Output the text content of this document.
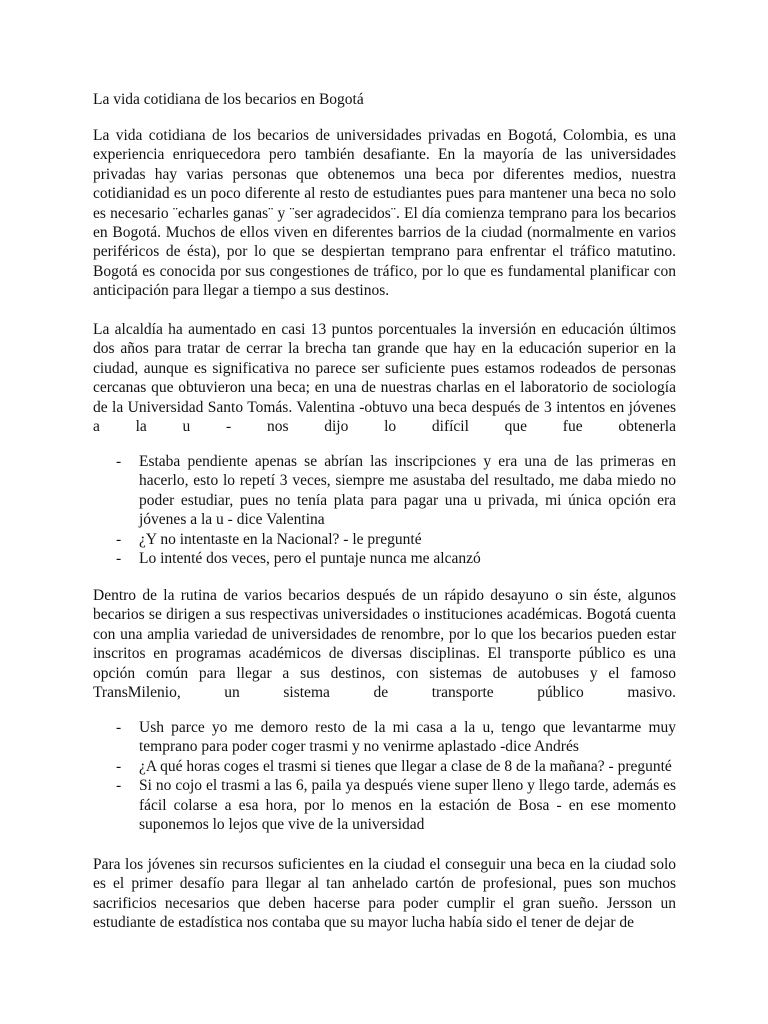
La vida cotidiana de los becarios en Bogotá

La vida cotidiana de los becarios de universidades privadas en Bogotá, Colombia, es una experiencia enriquecedora pero también desafiante. En la mayoría de las universidades privadas hay varias personas que obtenemos una beca por diferentes medios, nuestra cotidianidad es un poco diferente al resto de estudiantes pues para mantener una beca no solo es necesario ¨echarles ganas¨ y ¨ser agradecidos¨. El día comienza temprano para los becarios en Bogotá. Muchos de ellos viven en diferentes barrios de la ciudad (normalmente en varios periféricos de ésta), por lo que se despiertan temprano para enfrentar el tráfico matutino. Bogotá es conocida por sus congestiones de tráfico, por lo que es fundamental planificar con anticipación para llegar a tiempo a sus destinos.

La alcaldía ha aumentado en casi 13 puntos porcentuales la inversión en educación últimos dos años para tratar de cerrar la brecha tan grande que hay en la educación superior en la ciudad, aunque es significativa no parece ser suficiente pues estamos rodeados de personas cercanas que obtuvieron una beca; en una de nuestras charlas en el laboratorio de sociología de la Universidad Santo Tomás. Valentina -obtuvo una beca después de 3 intentos en jóvenes a la u - nos dijo lo difícil que fue obtenerla

- Estaba pendiente apenas se abrían las inscripciones y era una de las primeras en hacerlo, esto lo repetí 3 veces, siempre me asustaba del resultado, me daba miedo no poder estudiar, pues no tenía plata para pagar una u privada, mi única opción era jóvenes a la u - dice Valentina
- ¿Y no intentaste en la Nacional? - le pregunté
- Lo intenté dos veces, pero el puntaje nunca me alcanzó

Dentro de la rutina de varios becarios después de un rápido desayuno o sin éste, algunos becarios se dirigen a sus respectivas universidades o instituciones académicas. Bogotá cuenta con una amplia variedad de universidades de renombre, por lo que los becarios pueden estar inscritos en programas académicos de diversas disciplinas. El transporte público es una opción común para llegar a sus destinos, con sistemas de autobuses y el famoso TransMilenio, un sistema de transporte público masivo.

- Ush parce yo me demoro resto de la mi casa a la u, tengo que levantarme muy temprano para poder coger trasmi y no venirme aplastado -dice Andrés
- ¿A qué horas coges el trasmi si tienes que llegar a clase de 8 de la mañana? - pregunté
- Si no cojo el trasmi a las 6, paila ya después viene super lleno y llego tarde, además es fácil colarse a esa hora, por lo menos en la estación de Bosa - en ese momento suponemos lo lejos que vive de la universidad

Para los jóvenes sin recursos suficientes en la ciudad el conseguir una beca en la ciudad solo es el primer desafío para llegar al tan anhelado cartón de profesional, pues son muchos sacrificios necesarios que deben hacerse para poder cumplir el gran sueño. Jersson un estudiante de estadística nos contaba que su mayor lucha había sido el tener de dejar de
